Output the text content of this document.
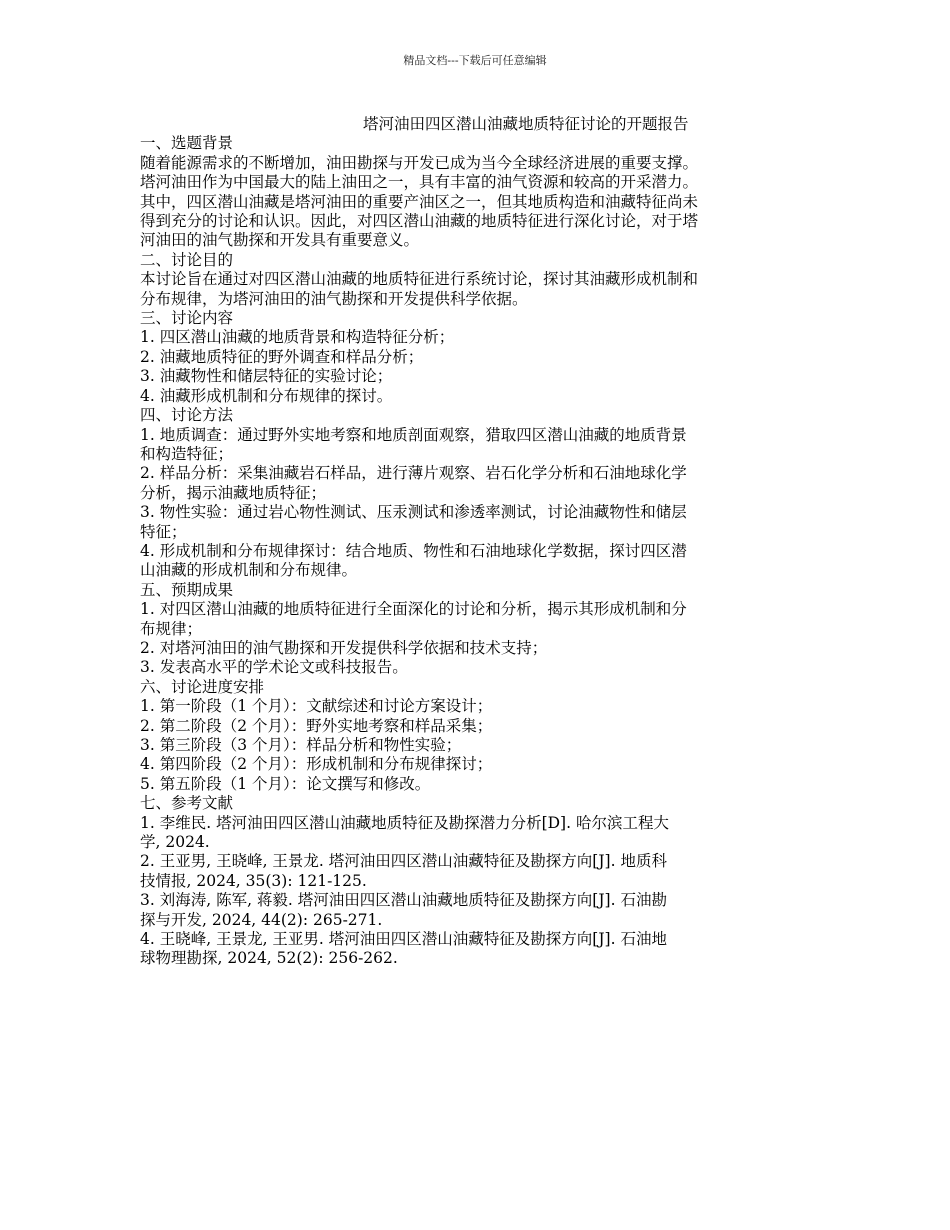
精品文档---下载后可任意编辑
塔河油田四区潜山油藏地质特征讨论的开题报告
一、选题背景
随着能源需求的不断增加，油田勘探与开发已成为当今全球经济进展的重要支撑。
塔河油田作为中国最大的陆上油田之一，具有丰富的油气资源和较高的开采潜力。
其中，四区潜山油藏是塔河油田的重要产油区之一，但其地质构造和油藏特征尚未
得到充分的讨论和认识。因此，对四区潜山油藏的地质特征进行深化讨论，对于塔
河油田的油气勘探和开发具有重要意义。
二、讨论目的
本讨论旨在通过对四区潜山油藏的地质特征进行系统讨论，探讨其油藏形成机制和
分布规律，为塔河油田的油气勘探和开发提供科学依据。
三、讨论内容
1. 四区潜山油藏的地质背景和构造特征分析；
2. 油藏地质特征的野外调查和样品分析；
3. 油藏物性和储层特征的实验讨论；
4. 油藏形成机制和分布规律的探讨。
四、讨论方法
1. 地质调查：通过野外实地考察和地质剖面观察，猎取四区潜山油藏的地质背景
和构造特征；
2. 样品分析：采集油藏岩石样品，进行薄片观察、岩石化学分析和石油地球化学
分析，揭示油藏地质特征；
3. 物性实验：通过岩心物性测试、压汞测试和渗透率测试，讨论油藏物性和储层
特征；
4. 形成机制和分布规律探讨：结合地质、物性和石油地球化学数据，探讨四区潜
山油藏的形成机制和分布规律。
五、预期成果
1. 对四区潜山油藏的地质特征进行全面深化的讨论和分析，揭示其形成机制和分
布规律；
2. 对塔河油田的油气勘探和开发提供科学依据和技术支持；
3. 发表高水平的学术论文或科技报告。
六、讨论进度安排
1. 第一阶段（1 个月）：文献综述和讨论方案设计；
2. 第二阶段（2 个月）：野外实地考察和样品采集；
3. 第三阶段（3 个月）：样品分析和物性实验；
4. 第四阶段（2 个月）：形成机制和分布规律探讨；
5. 第五阶段（1 个月）：论文撰写和修改。
七、参考文献
1. 李维民. 塔河油田四区潜山油藏地质特征及勘探潜力分析[D]. 哈尔滨工程大
学, 2024.
2. 王亚男, 王晓峰, 王景龙. 塔河油田四区潜山油藏特征及勘探方向[J]. 地质科
技情报, 2024, 35(3): 121-125.
3. 刘海涛, 陈军, 蒋毅. 塔河油田四区潜山油藏地质特征及勘探方向[J]. 石油勘
探与开发, 2024, 44(2): 265-271.
4. 王晓峰, 王景龙, 王亚男. 塔河油田四区潜山油藏特征及勘探方向[J]. 石油地
球物理勘探, 2024, 52(2): 256-262.
